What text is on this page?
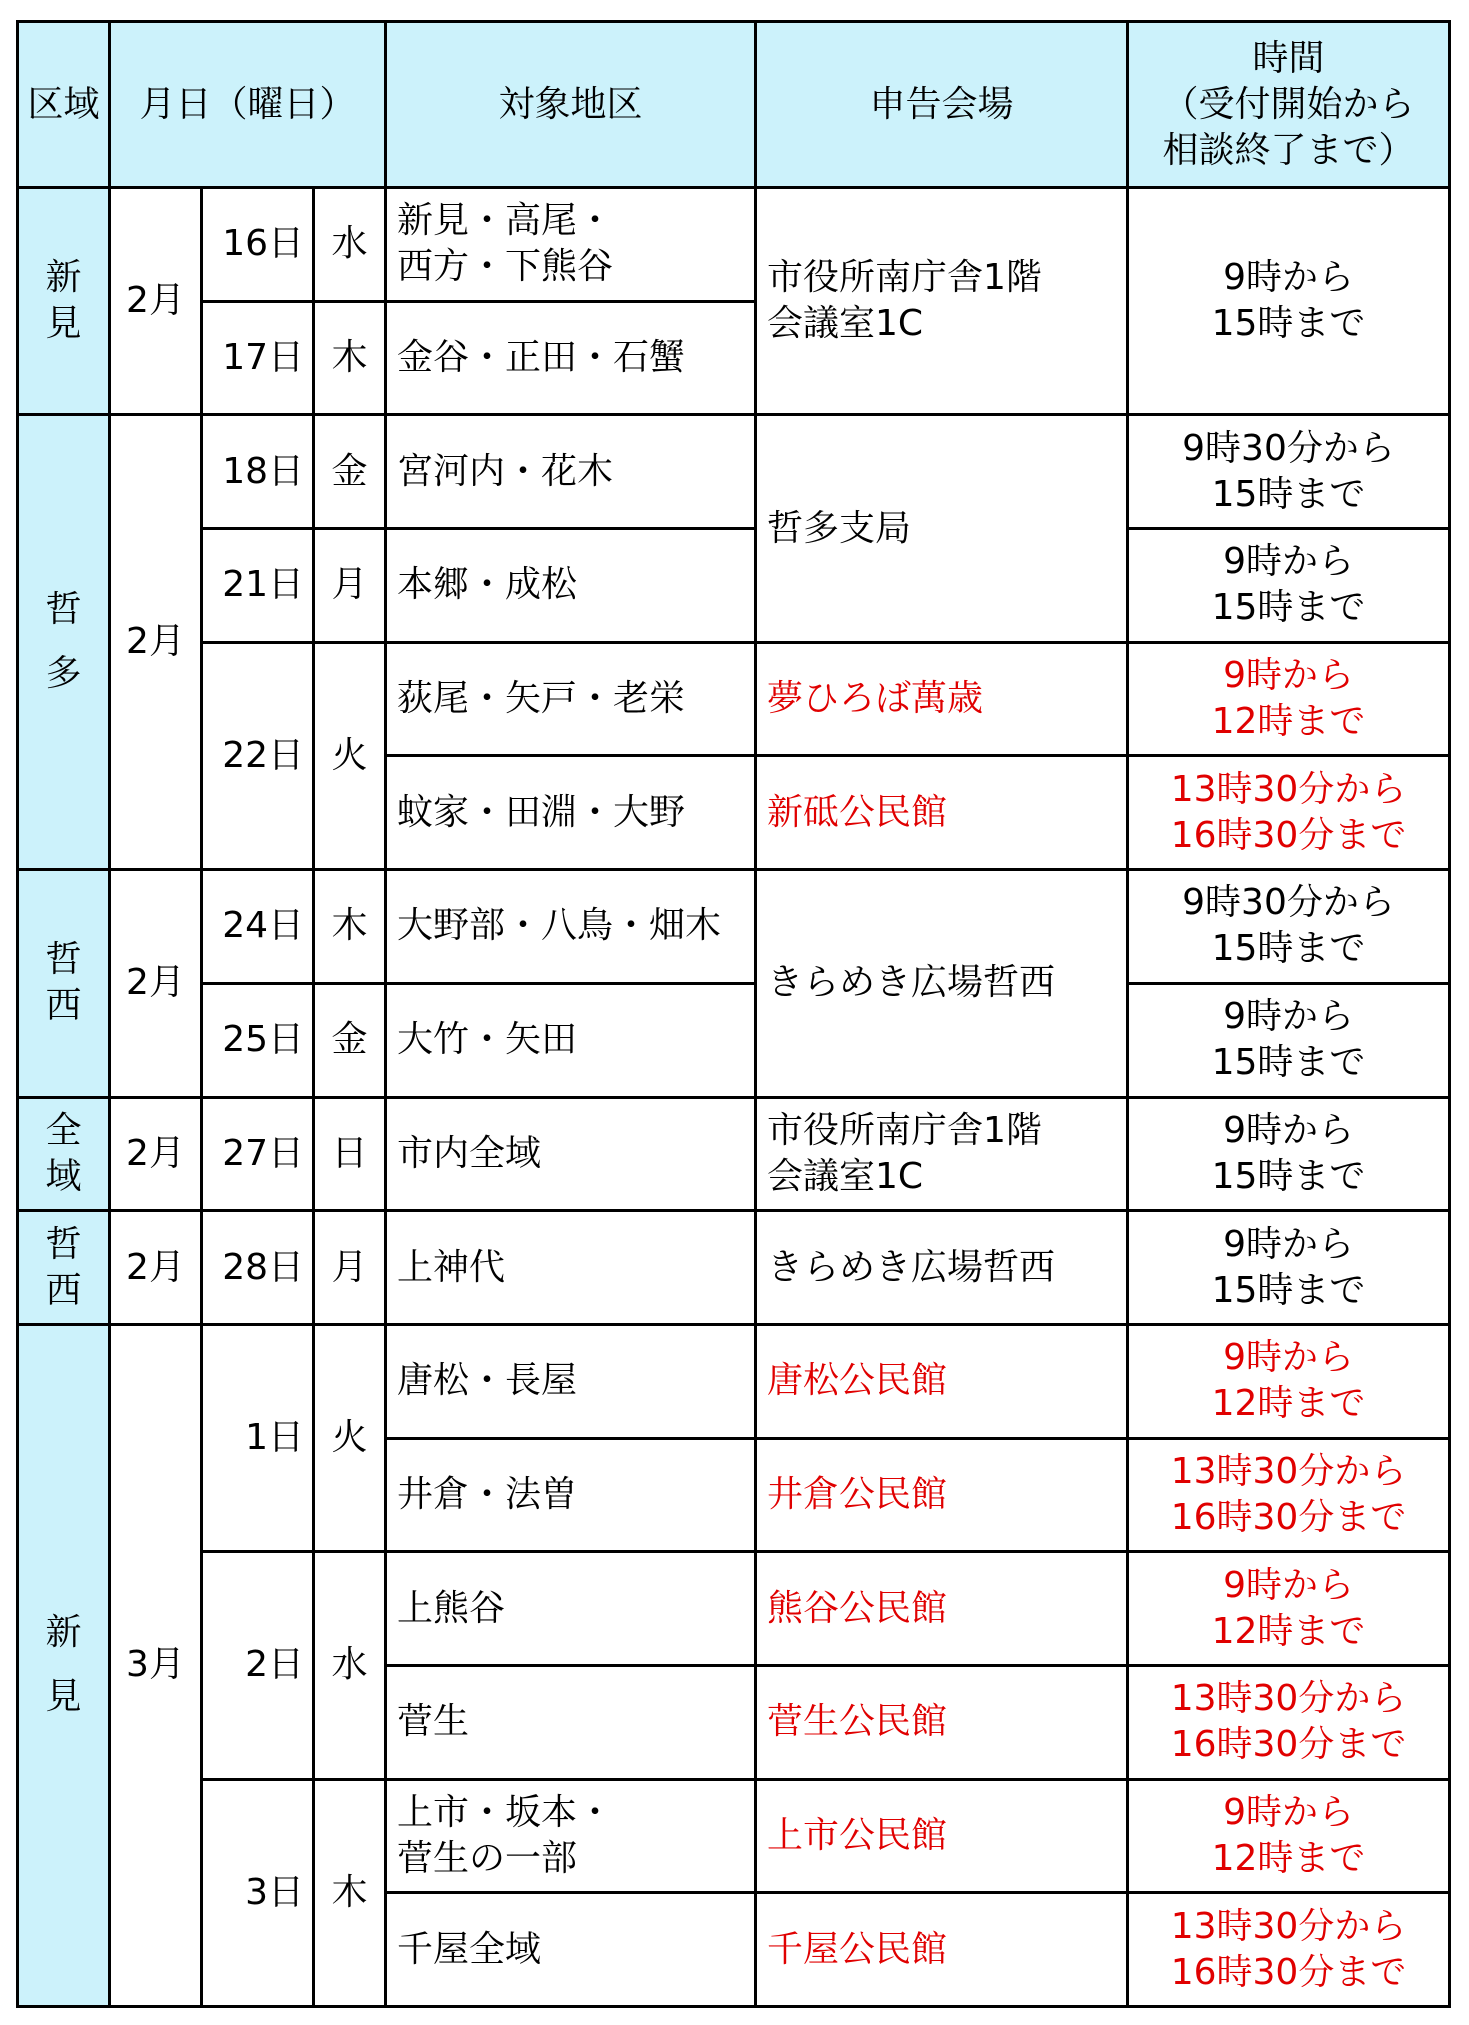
区域	月日（曜日）			対象地区	申告会場	時間
（受付開始から
相談終了まで）

新
見	2月	16日	水	新見・高尾・
西方・下熊谷	市役所南庁舎1階
会議室1C	9時から
15時まで

		17日	木	金谷・正田・石蟹		

哲
多	2月	18日	金	宮河内・花木	哲多支局	9時30分から
15時まで

		21日	月	本郷・成松		9時から
15時まで

		22日	火	荻尾・矢戸・老栄	夢ひろば萬歳	9時から
12時まで

				蚊家・田淵・大野	新砥公民館	13時30分から
16時30分まで

哲
西	2月	24日	木	大野部・八鳥・畑木	きらめき広場哲西	9時30分から
15時まで

		25日	金	大竹・矢田		9時から
15時まで

全
域	2月	27日	日	市内全域	市役所南庁舎1階
会議室1C	9時から
15時まで

哲
西	2月	28日	月	上神代	きらめき広場哲西	9時から
15時まで

新
見	3月	1日	火	唐松・長屋	唐松公民館	9時から
12時まで

				井倉・法曽	井倉公民館	13時30分から
16時30分まで

		2日	水	上熊谷	熊谷公民館	9時から
12時まで

				菅生	菅生公民館	13時30分から
16時30分まで

		3日	木	上市・坂本・
菅生の一部	上市公民館	9時から
12時まで

				千屋全域	千屋公民館	13時30分から
16時30分まで
